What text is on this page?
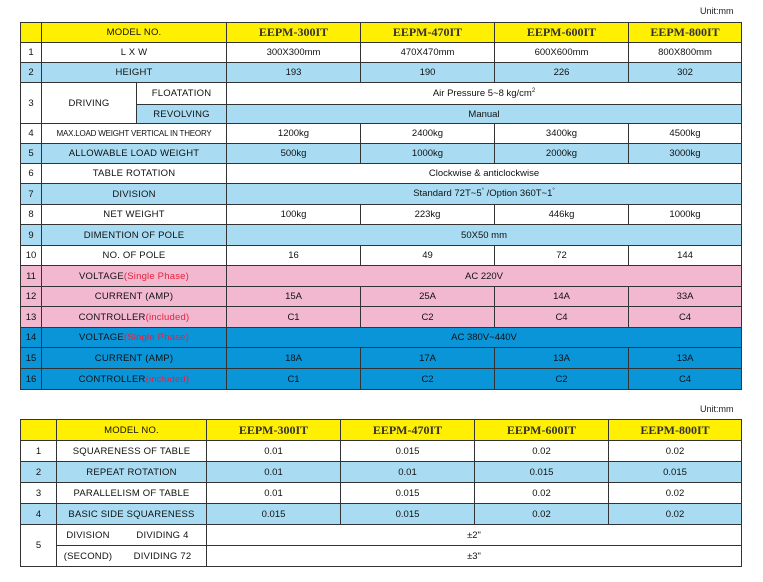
Unit:mm
	MODEL NO.		EEPM-300IT	EEPM-470IT	EEPM-600IT	EEPM-800IT
1	L X W		300X300mm	470X470mm	600X600mm	800X800mm
2	HEIGHT		193	190	226	302
3	DRIVING	FLOATATION	Air Pressure 5~8 $kg/cm^2$
		REVOLVING	Manual			
4	MAX.LOAD WEIGHT VERTICAL IN THEORY		1200kg	2400kg	3400kg	4500kg
5	ALLOWABLE LOAD WEIGHT		500kg	1000kg	2000kg	3000kg
6	TABLE ROTATION		Clockwise & anticlockwise			
7	DIVISION		Standard 72T~5° /Option 360T~1°
8	NET WEIGHT		100kg	223kg	446kg	1000kg
9	DIMENTION OF POLE		50X50 mm			
10	NO. OF POLE		16	49	72	144
11	VOLTAGE(Single Phase)		AC 220V			
12	CURRENT (AMP)		15A	25A	14A	33A
13	CONTROLLER(included)		C1	C2	C4	C4
14	VOLTAGE(Single Phase)		AC 380V~440V			
15	CURRENT (AMP)		18A	17A	13A	13A
16	CONTROLLER(included)		C1	C2	C2	C4
Unit:mm
	MODEL NO.	EEPM-300IT	EEPM-470IT	EEPM-600IT	EEPM-800IT
1	SQUARENESS OF TABLE	0.01	0.015	0.02	0.02
2	REPEAT ROTATION	0.01	0.01	0.015	0.015
3	PARALLELISM OF TABLE	0.01	0.015	0.02	0.02
4	BASIC SIDE SQUARENESS	0.015	0.015	0.02	0.02
5	DIVISION DIVIDING 4	±2"			

	(SECOND) DIVIDING 72	±3"			
